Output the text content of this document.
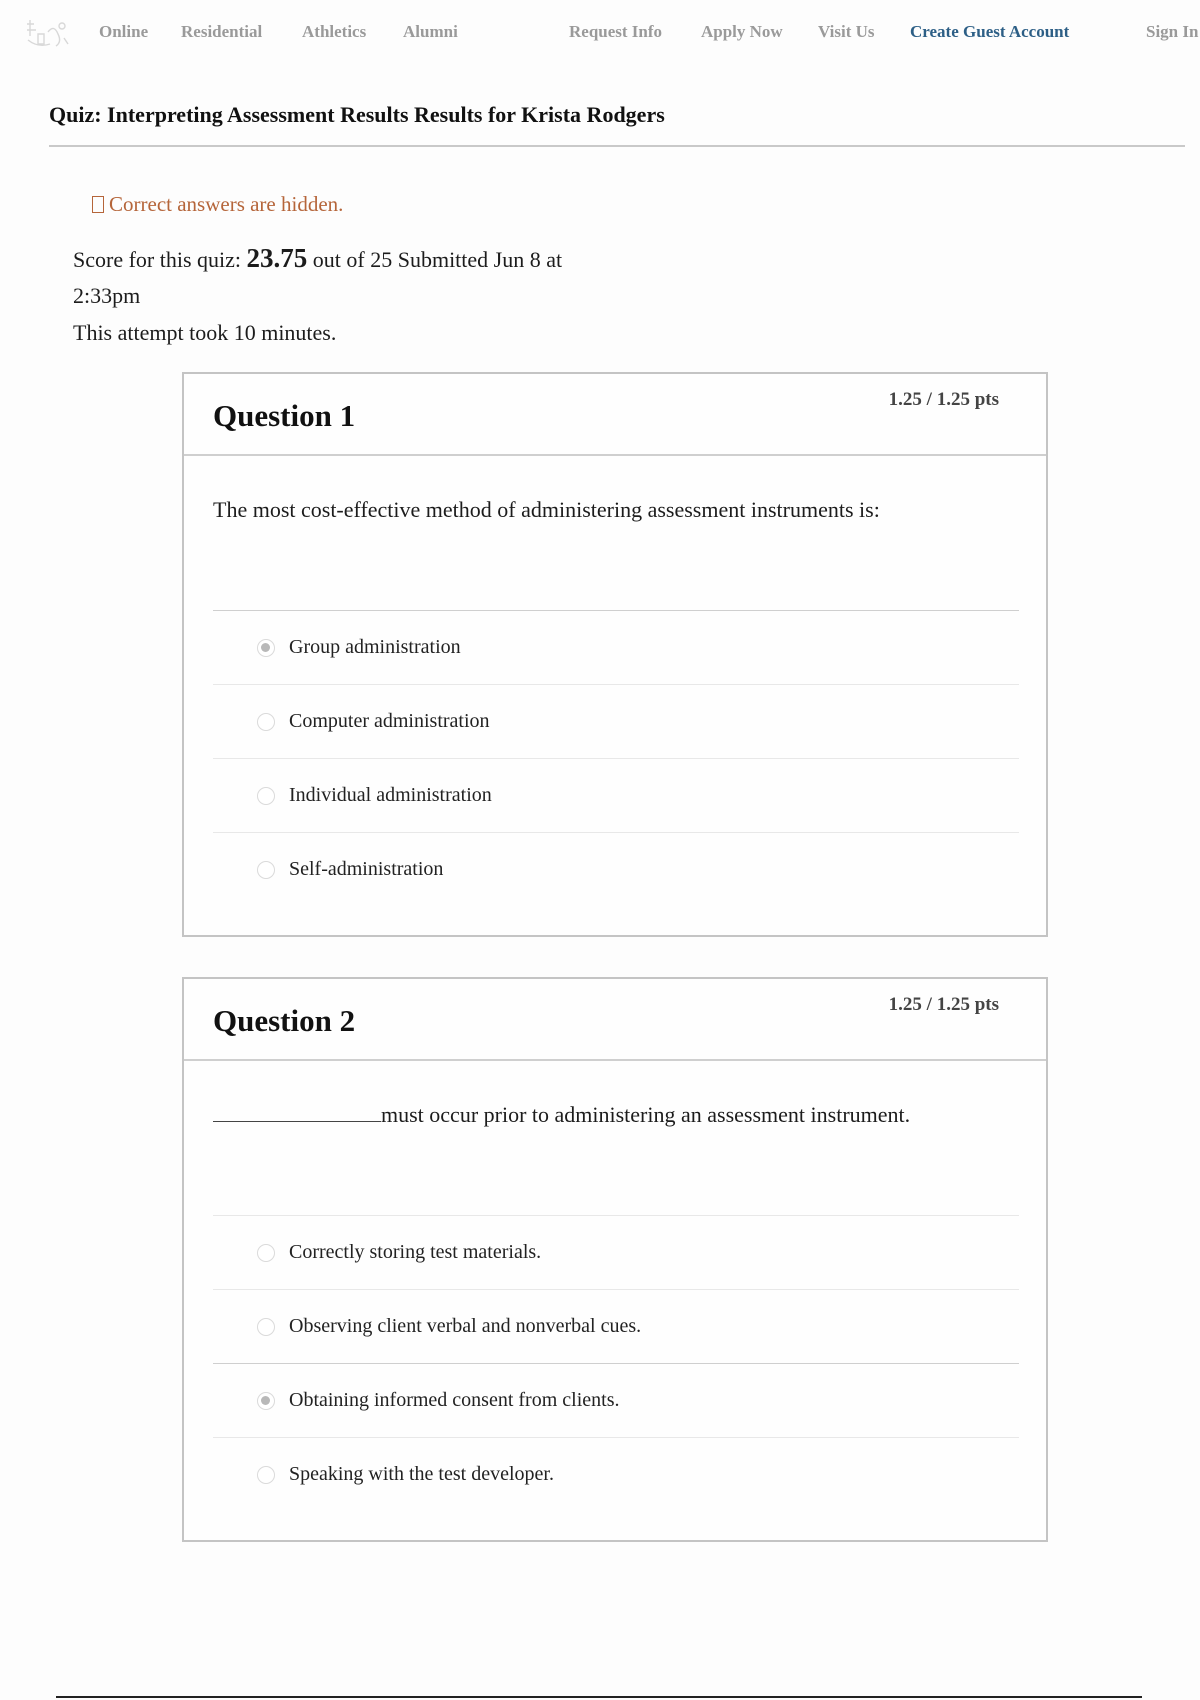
Online Residential Athletics Alumni	Request Info Apply Now Visit Us Create Guest Account	Sign In
Quiz: Interpreting Assessment Results Results for Krista Rodgers
Correct answers are hidden.
Score for this quiz: 23.75 out of 25 Submitted Jun 8 at 2:33pm
This attempt took 10 minutes.
Question 1	1.25 / 1.25 pts
The most cost-effective method of administering assessment instruments is:
Group administration
Computer administration
Individual administration
Self-administration
Question 2	1.25 / 1.25 pts
must occur prior to administering an assessment instrument.
Correctly storing test materials.
Observing client verbal and nonverbal cues.
Obtaining informed consent from clients.
Speaking with the test developer.
